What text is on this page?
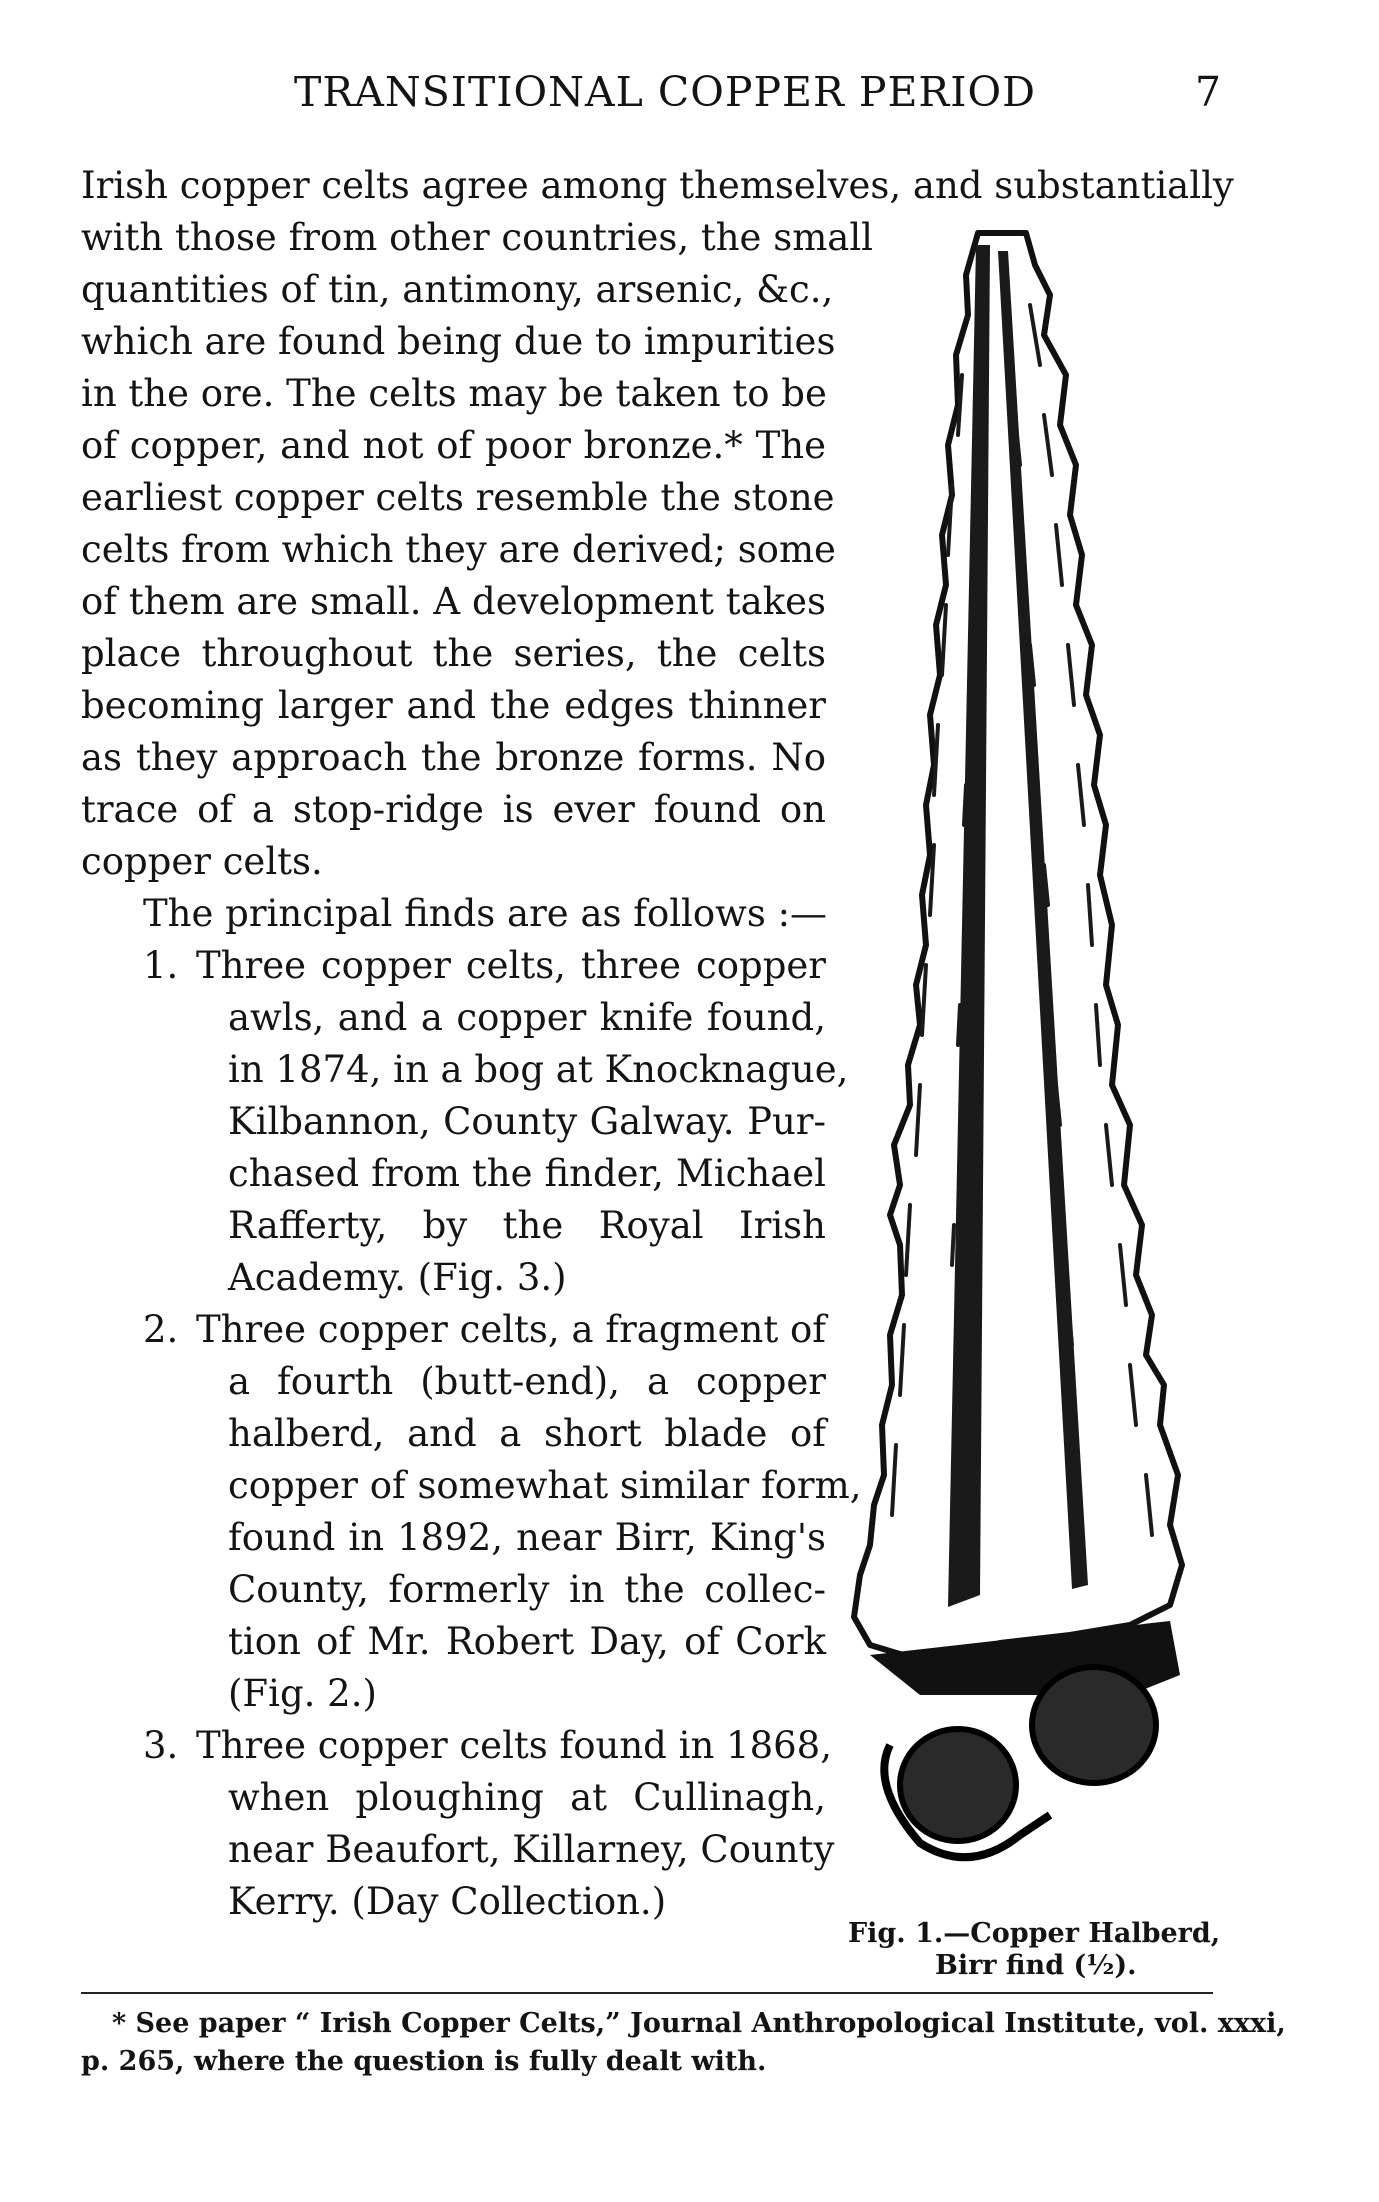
TRANSITIONAL COPPER PERIOD	7
Irish copper celts agree among themselves, and substantially
with those from other countries, the small
quantities of tin, antimony, arsenic, &c.,
which are found being due to impurities
in the ore. The celts may be taken to be
of copper, and not of poor bronze.* The
earliest copper celts resemble the stone
celts from which they are derived; some
of them are small. A development takes
place throughout the series, the celts
becoming larger and the edges thinner
as they approach the bronze forms. No
trace of a stop-ridge is ever found on
copper celts.
The principal finds are as follows :—
1. Three copper celts, three copper
awls, and a copper knife found,
in 1874, in a bog at Knocknague,
Kilbannon, County Galway. Pur-
chased from the finder, Michael
Rafferty, by the Royal Irish
Academy. (Fig. 3.)
2. Three copper celts, a fragment of
a fourth (butt-end), a copper
halberd, and a short blade of
copper of somewhat similar form,
found in 1892, near Birr, King's
County, formerly in the collec-
tion of Mr. Robert Day, of Cork
(Fig. 2.)
3. Three copper celts found in 1868,
when ploughing at Cullinagh,
near Beaufort, Killarney, County
Kerry. (Day Collection.)
Fig. 1.—Copper Halberd,
Birr find (½).
* See paper “ Irish Copper Celts,” Journal Anthropological Institute, vol. xxxi,
p. 265, where the question is fully dealt with.
